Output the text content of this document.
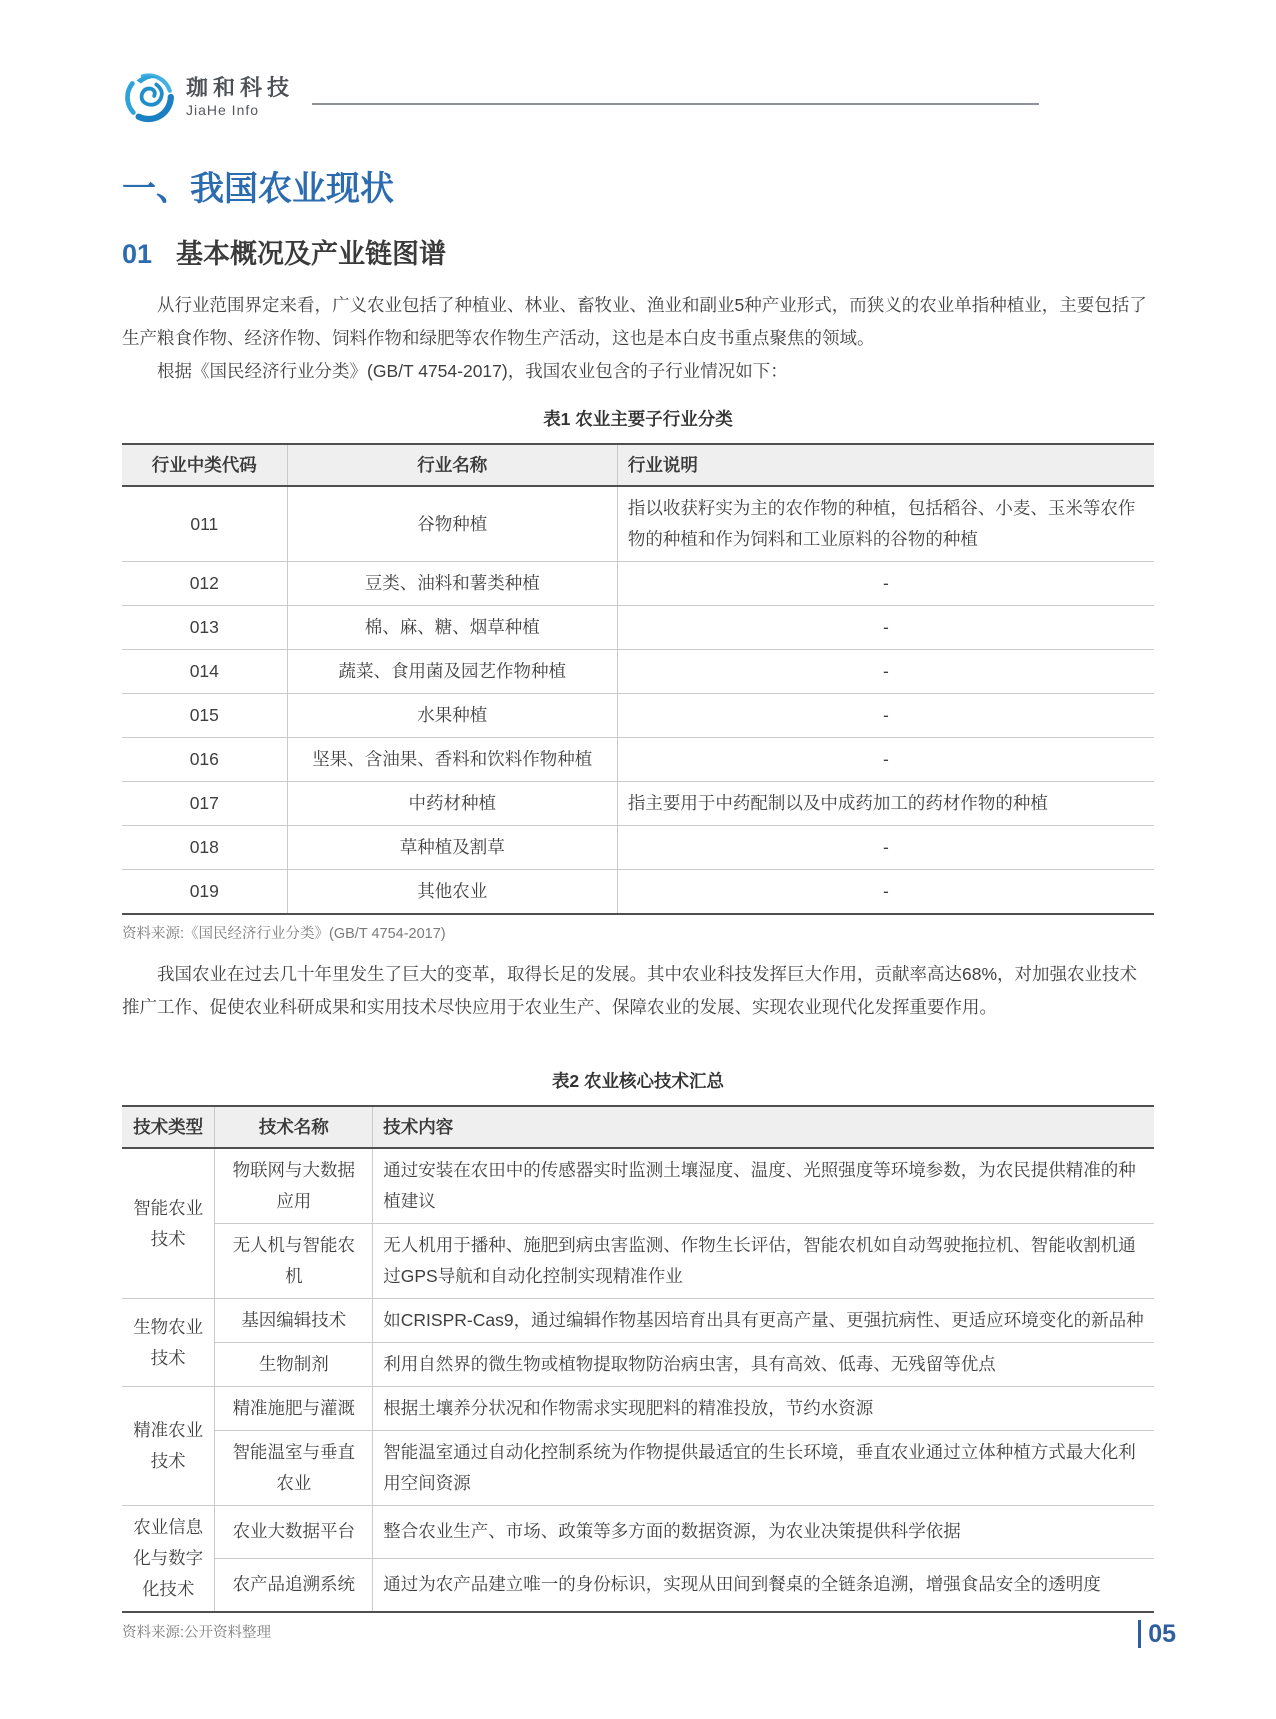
珈和科技
JiaHe Info
一、我国农业现状
01 基本概况及产业链图谱

从行业范围界定来看，广义农业包括了种植业、林业、畜牧业、渔业和副业5种产业形式，而狭义的农业单指种植业，主要包括了生产粮食作物、经济作物、饲料作物和绿肥等农作物生产活动，这也是本白皮书重点聚焦的领域。

根据《国民经济行业分类》(GB/T 4754-2017)，我国农业包含的子行业情况如下：

表1 农业主要子行业分类
行业中类代码	行业名称	行业说明
011	谷物种植	指以收获籽实为主的农作物的种植，包括稻谷、小麦、玉米等农作物的种植和作为饲料和工业原料的谷物的种植
012	豆类、油料和薯类种植	-
013	棉、麻、糖、烟草种植	-
014	蔬菜、食用菌及园艺作物种植	-
015	水果种植	-
016	坚果、含油果、香料和饮料作物种植	-
017	中药材种植	指主要用于中药配制以及中成药加工的药材作物的种植
018	草种植及割草	-
019	其他农业	-
资料来源:《国民经济行业分类》(GB/T 4754-2017)

我国农业在过去几十年里发生了巨大的变革，取得长足的发展。其中农业科技发挥巨大作用，贡献率高达68%，对加强农业技术推广工作、促使农业科研成果和实用技术尽快应用于农业生产、保障农业的发展、实现农业现代化发挥重要作用。

表2 农业核心技术汇总
技术类型	技术名称	技术内容
智能农业技术	物联网与大数据应用	通过安装在农田中的传感器实时监测土壤湿度、温度、光照强度等环境参数，为农民提供精准的种植建议
	无人机与智能农机	无人机用于播种、施肥到病虫害监测、作物生长评估，智能农机如自动驾驶拖拉机、智能收割机通过GPS导航和自动化控制实现精准作业
生物农业技术	基因编辑技术	如CRISPR-Cas9，通过编辑作物基因培育出具有更高产量、更强抗病性、更适应环境变化的新品种
	生物制剂	利用自然界的微生物或植物提取物防治病虫害，具有高效、低毒、无残留等优点
精准农业技术	精准施肥与灌溉	根据土壤养分状况和作物需求实现肥料的精准投放，节约水资源
	智能温室与垂直农业	智能温室通过自动化控制系统为作物提供最适宜的生长环境，垂直农业通过立体种植方式最大化利用空间资源
农业信息化与数字化技术	农业大数据平台	整合农业生产、市场、政策等多方面的数据资源，为农业决策提供科学依据
	农产品追溯系统	通过为农产品建立唯一的身份标识，实现从田间到餐桌的全链条追溯，增强食品安全的透明度
资料来源:公开资料整理	05
